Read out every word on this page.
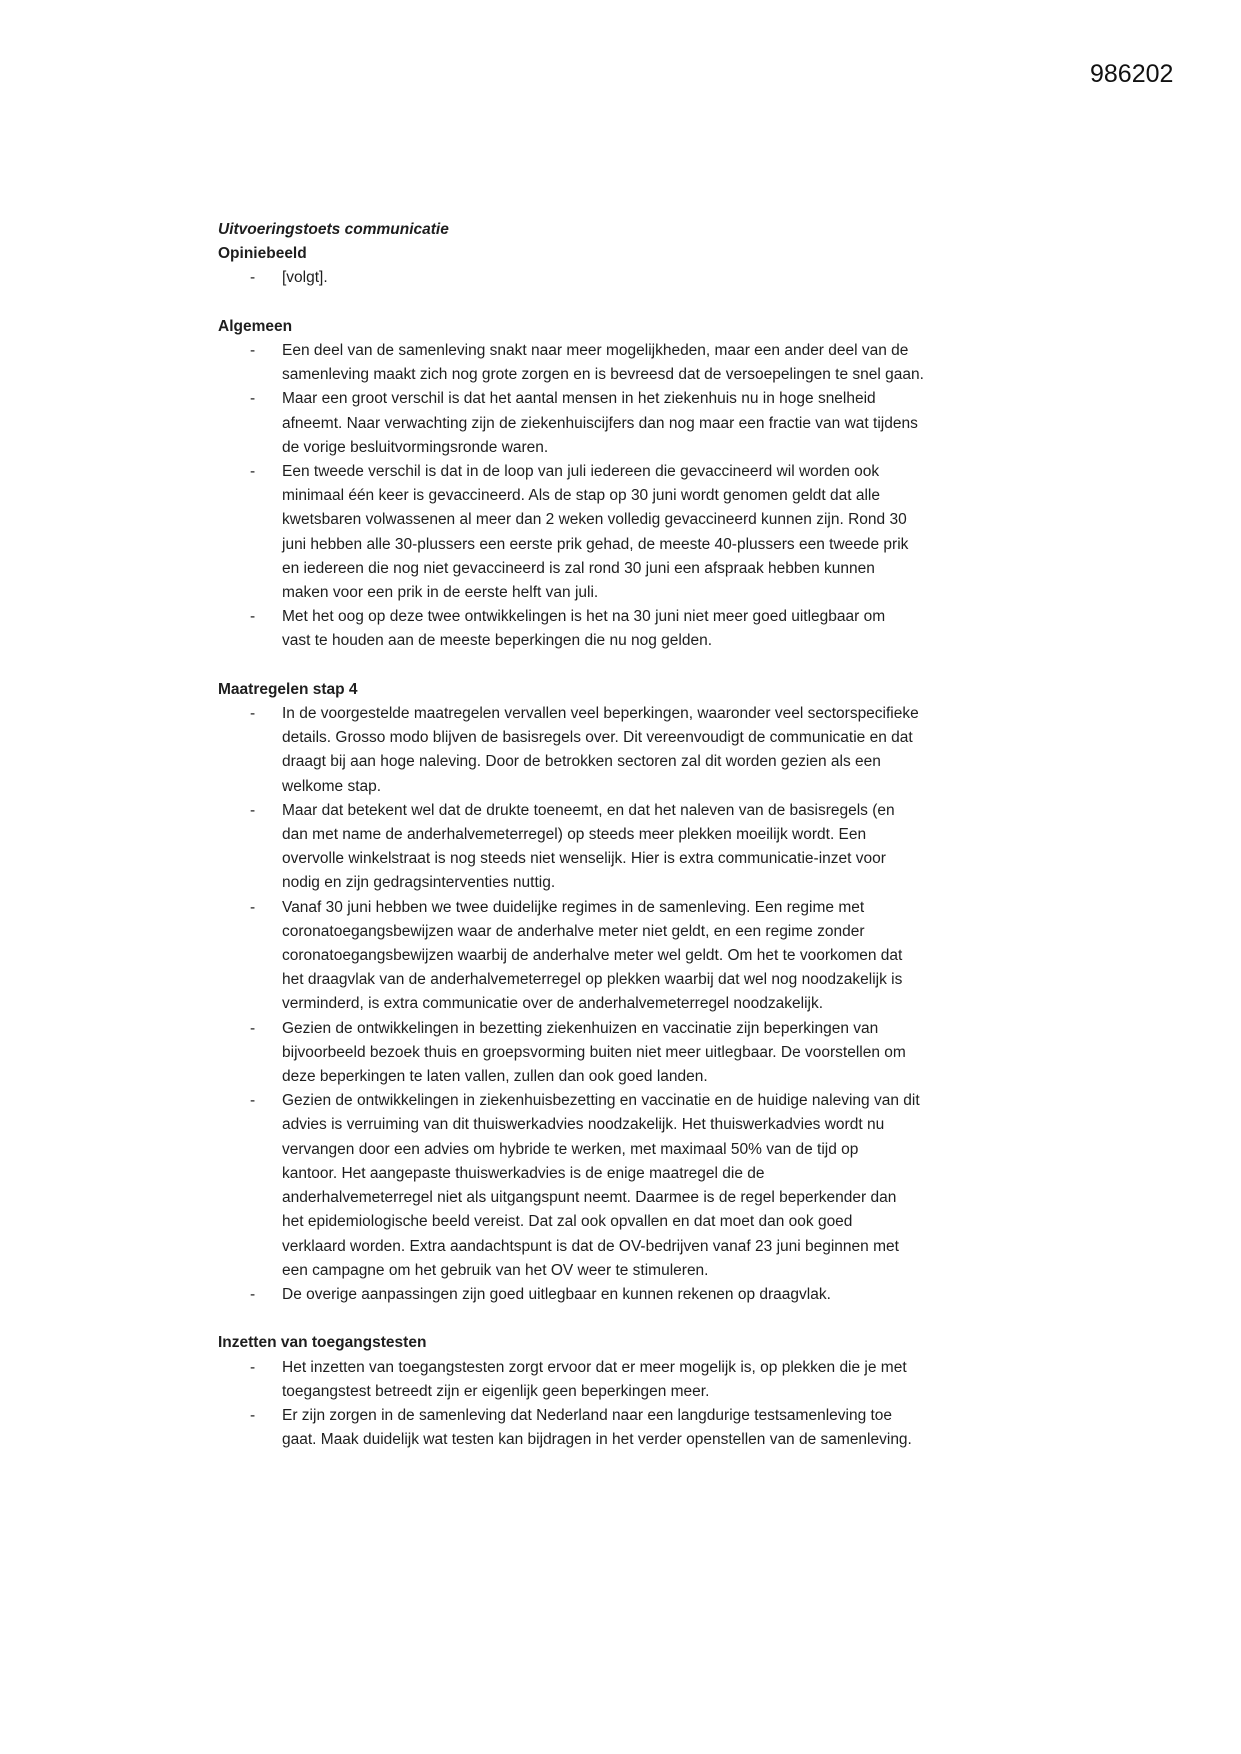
986202
Uitvoeringstoets communicatie
Opiniebeeld
- [volgt].
Algemeen
- Een deel van de samenleving snakt naar meer mogelijkheden, maar een ander deel van de
samenleving maakt zich nog grote zorgen en is bevreesd dat de versoepelingen te snel gaan.
- Maar een groot verschil is dat het aantal mensen in het ziekenhuis nu in hoge snelheid
afneemt. Naar verwachting zijn de ziekenhuiscijfers dan nog maar een fractie van wat tijdens
de vorige besluitvormingsronde waren.
- Een tweede verschil is dat in de loop van juli iedereen die gevaccineerd wil worden ook
minimaal één keer is gevaccineerd. Als de stap op 30 juni wordt genomen geldt dat alle
kwetsbaren volwassenen al meer dan 2 weken volledig gevaccineerd kunnen zijn. Rond 30
juni hebben alle 30-plussers een eerste prik gehad, de meeste 40-plussers een tweede prik
en iedereen die nog niet gevaccineerd is zal rond 30 juni een afspraak hebben kunnen
maken voor een prik in de eerste helft van juli.
- Met het oog op deze twee ontwikkelingen is het na 30 juni niet meer goed uitlegbaar om
vast te houden aan de meeste beperkingen die nu nog gelden.
Maatregelen stap 4
- In de voorgestelde maatregelen vervallen veel beperkingen, waaronder veel sectorspecifieke
details. Grosso modo blijven de basisregels over. Dit vereenvoudigt de communicatie en dat
draagt bij aan hoge naleving. Door de betrokken sectoren zal dit worden gezien als een
welkome stap.
- Maar dat betekent wel dat de drukte toeneemt, en dat het naleven van de basisregels (en
dan met name de anderhalvemeterregel) op steeds meer plekken moeilijk wordt. Een
overvolle winkelstraat is nog steeds niet wenselijk. Hier is extra communicatie-inzet voor
nodig en zijn gedragsinterventies nuttig.
- Vanaf 30 juni hebben we twee duidelijke regimes in de samenleving. Een regime met
coronatoegangsbewijzen waar de anderhalve meter niet geldt, en een regime zonder
coronatoegangsbewijzen waarbij de anderhalve meter wel geldt. Om het te voorkomen dat
het draagvlak van de anderhalvemeterregel op plekken waarbij dat wel nog noodzakelijk is
verminderd, is extra communicatie over de anderhalvemeterregel noodzakelijk.
- Gezien de ontwikkelingen in bezetting ziekenhuizen en vaccinatie zijn beperkingen van
bijvoorbeeld bezoek thuis en groepsvorming buiten niet meer uitlegbaar. De voorstellen om
deze beperkingen te laten vallen, zullen dan ook goed landen.
- Gezien de ontwikkelingen in ziekenhuisbezetting en vaccinatie en de huidige naleving van dit
advies is verruiming van dit thuiswerkadvies noodzakelijk. Het thuiswerkadvies wordt nu
vervangen door een advies om hybride te werken, met maximaal 50% van de tijd op
kantoor. Het aangepaste thuiswerkadvies is de enige maatregel die de
anderhalvemeterregel niet als uitgangspunt neemt. Daarmee is de regel beperkender dan
het epidemiologische beeld vereist. Dat zal ook opvallen en dat moet dan ook goed
verklaard worden. Extra aandachtspunt is dat de OV-bedrijven vanaf 23 juni beginnen met
een campagne om het gebruik van het OV weer te stimuleren.
- De overige aanpassingen zijn goed uitlegbaar en kunnen rekenen op draagvlak.
Inzetten van toegangstesten
- Het inzetten van toegangstesten zorgt ervoor dat er meer mogelijk is, op plekken die je met
toegangstest betreedt zijn er eigenlijk geen beperkingen meer.
- Er zijn zorgen in de samenleving dat Nederland naar een langdurige testsamenleving toe
gaat. Maak duidelijk wat testen kan bijdragen in het verder openstellen van de samenleving.
